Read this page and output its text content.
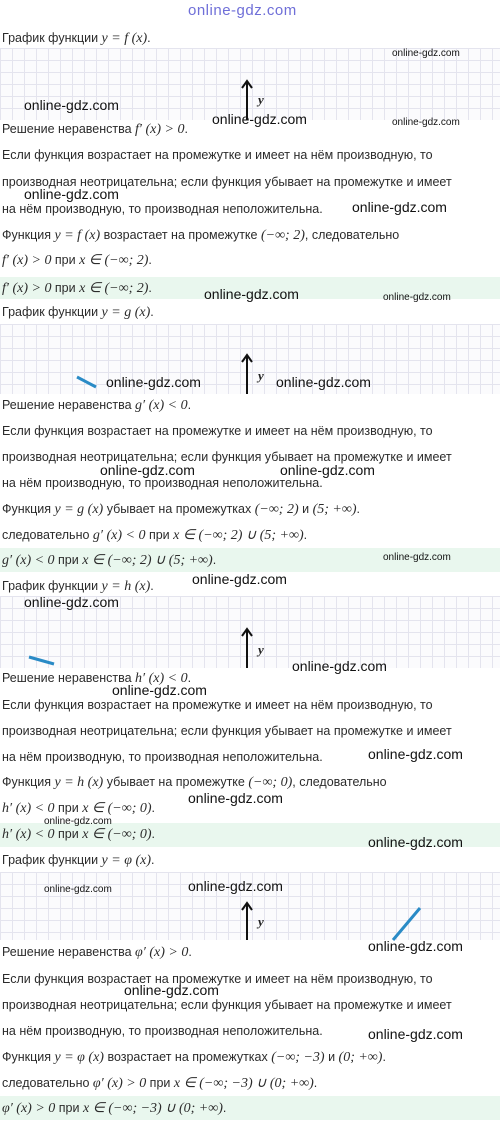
online-gdz.com
График функции y = f (x).
y
Решение неравенства f′ (x) > 0.
Если функция возрастает на промежутке и имеет на нём производную, то
производная неотрицательна; если функция убывает на промежутке и имеет
на нём производную, то производная неположительна.
Функция y = f (x) возрастает на промежутке (−∞; 2), следовательно
f′ (x) > 0 при x ∈ (−∞; 2).
f′ (x) > 0 при x ∈ (−∞; 2).
График функции y = g (x).
y
Решение неравенства g′ (x) < 0.
Если функция возрастает на промежутке и имеет на нём производную, то
производная неотрицательна; если функция убывает на промежутке и имеет
на нём производную, то производная неположительна.
Функция y = g (x) убывает на промежутках (−∞; 2) и (5; +∞).
следовательно g′ (x) < 0 при x ∈ (−∞; 2) ∪ (5; +∞).
g′ (x) < 0 при x ∈ (−∞; 2) ∪ (5; +∞).
График функции y = h (x).
y
Решение неравенства h′ (x) < 0.
Если функция возрастает на промежутке и имеет на нём производную, то
производная неотрицательна; если функция убывает на промежутке и имеет
на нём производную, то производная неположительна.
Функция y = h (x) убывает на промежутке (−∞; 0), следовательно
h′ (x) < 0 при x ∈ (−∞; 0).
h′ (x) < 0 при x ∈ (−∞; 0).
График функции y = φ (x).
y
Решение неравенства φ′ (x) > 0.
Если функция возрастает на промежутке и имеет на нём производную, то
производная неотрицательна; если функция убывает на промежутке и имеет
на нём производную, то производная неположительна.
Функция y = φ (x) возрастает на промежутках (−∞; −3) и (0; +∞).
следовательно φ′ (x) > 0 при x ∈ (−∞; −3) ∪ (0; +∞).
φ′ (x) > 0 при x ∈ (−∞; −3) ∪ (0; +∞).
online-gdz.com
online-gdz.com
online-gdz.com	online-gdz.com
online-gdz.com
online-gdz.com
online-gdz.com	online-gdz.com
online-gdz.com	online-gdz.com
online-gdz.com	online-gdz.com
online-gdz.com
online-gdz.com
online-gdz.com
online-gdz.com
online-gdz.com
online-gdz.com
online-gdz.com
online-gdz.com
online-gdz.com
online-gdz.com
online-gdz.com
online-gdz.com
online-gdz.com
online-gdz.com
